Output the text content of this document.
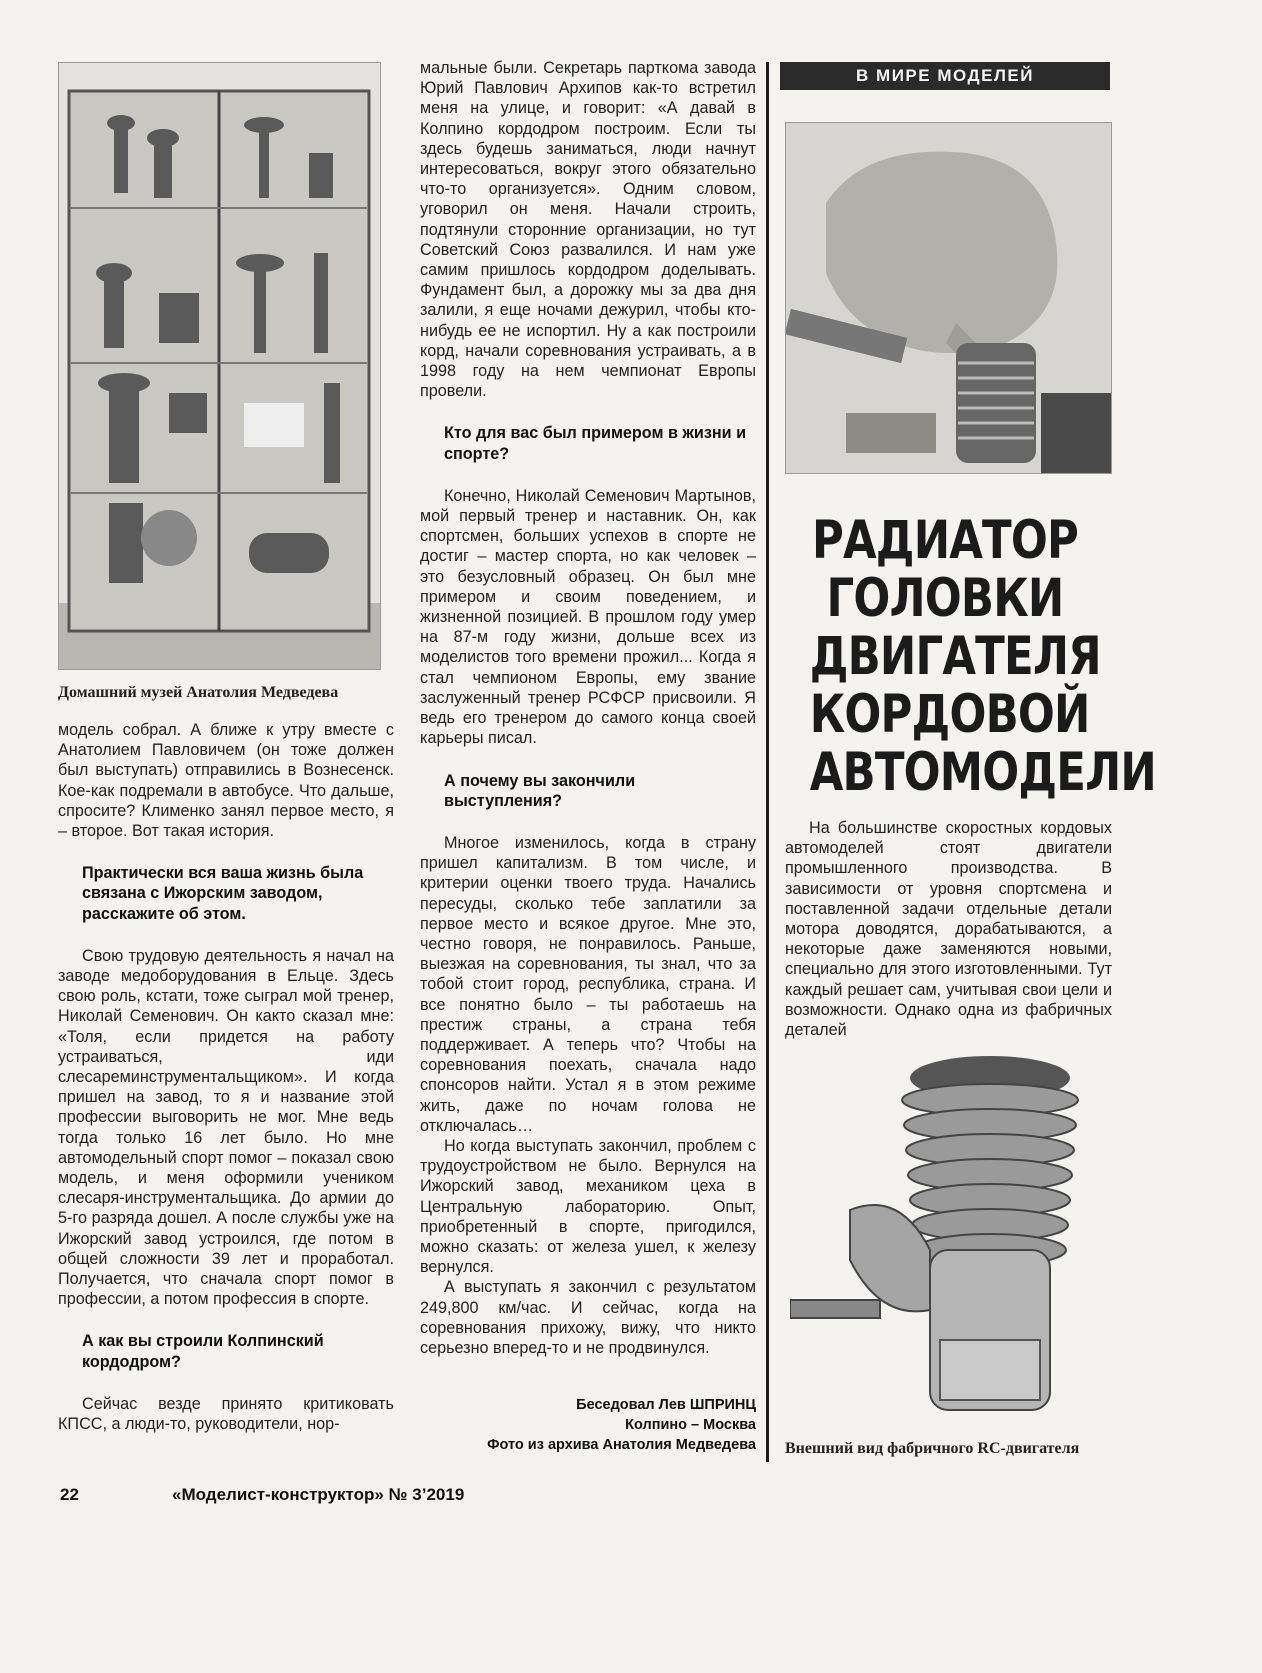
Домашний музей Анатолия Медведева

модель собрал. А ближе к утру вместе с Анатолием Павловичем (он тоже должен был выступать) отправились в Вознесенск. Кое-как подремали в автобусе. Что дальше, спросите? Клименко занял первое место, я – второе. Вот такая история.

Практически вся ваша жизнь была связана с Ижорским заводом, расскажите об этом.

Свою трудовую деятельность я начал на заводе медоборудования в Ельце. Здесь свою роль, кстати, тоже сыграл мой тренер, Николай Семенович. Он както сказал мне: «Толя, если придется на работу устраиваться, иди слесареминструментальщиком». И когда пришел на завод, то я и название этой профессии выговорить не мог. Мне ведь тогда только 16 лет было. Но мне автомодельный спорт помог – показал свою модель, и меня оформили учеником слесаря-инструментальщика. До армии до 5-го разряда дошел. А после службы уже на Ижорский завод устроился, где потом в общей сложности 39 лет и проработал. Получается, что сначала спорт помог в профессии, а потом профессия в спорте.

А как вы строили Колпинский кордодром?

Сейчас везде принято критиковать КПСС, а люди-то, руководители, нор-

мальные были. Секретарь парткома завода Юрий Павлович Архипов как-то встретил меня на улице, и говорит: «А давай в Колпино кордодром построим. Если ты здесь будешь заниматься, люди начнут интересоваться, вокруг этого обязательно что-то организуется». Одним словом, уговорил он меня. Начали строить, подтянули сторонние организации, но тут Советский Союз развалился. И нам уже самим пришлось кордодром доделывать. Фундамент был, а дорожку мы за два дня залили, я еще ночами дежурил, чтобы кто-нибудь ее не испортил. Ну а как построили корд, начали соревнования устраивать, а в 1998 году на нем чемпионат Европы провели.

Кто для вас был примером в жизни и спорте?

Конечно, Николай Семенович Мартынов, мой первый тренер и наставник. Он, как спортсмен, больших успехов в спорте не достиг – мастер спорта, но как человек – это безусловный образец. Он был мне примером и своим поведением, и жизненной позицией. В прошлом году умер на 87-м году жизни, дольше всех из моделистов того времени прожил... Когда я стал чемпионом Европы, ему звание заслуженный тренер РСФСР присвоили. Я ведь его тренером до самого конца своей карьеры писал.

А почему вы закончили выступления?

Многое изменилось, когда в страну пришел капитализм. В том числе, и критерии оценки твоего труда. Начались пересуды, сколько тебе заплатили за первое место и всякое другое. Мне это, честно говоря, не понравилось. Раньше, выезжая на соревнования, ты знал, что за тобой стоит город, республика, страна. И все понятно было – ты работаешь на престиж страны, а страна тебя поддерживает. А теперь что? Чтобы на соревнования поехать, сначала надо спонсоров найти. Устал я в этом режиме жить, даже по ночам голова не отключалась…

Но когда выступать закончил, проблем с трудоустройством не было. Вернулся на Ижорский завод, механиком цеха в Центральную лабораторию. Опыт, приобретенный в спорте, пригодился, можно сказать: от железа ушел, к железу вернулся.

А выступать я закончил с результатом 249,800 км/час. И сейчас, когда на соревнования прихожу, вижу, что никто серьезно вперед-то и не продвинулся.

Беседовал Лев ШПРИНЦ
Колпино – Москва
Фото из архива Анатолия Медведева
В МИРЕ МОДЕЛЕЙ
РАДИАТОР
ГОЛОВКИ
ДВИГАТЕЛЯ
КОРДОВОЙ
АВТОМОДЕЛИ

На большинстве скоростных кордовых автомоделей стоят двигатели промышленного производства. В зависимости от уровня спортсмена и поставленной задачи отдельные детали мотора доводятся, дорабатываются, а некоторые даже заменяются новыми, специально для этого изготовленными. Тут каждый решает сам, учитывая свои цели и возможности. Однако одна из фабричных деталей

Внешний вид фабричного RC-двигателя
22	«Моделист-конструктор» № 3’2019
